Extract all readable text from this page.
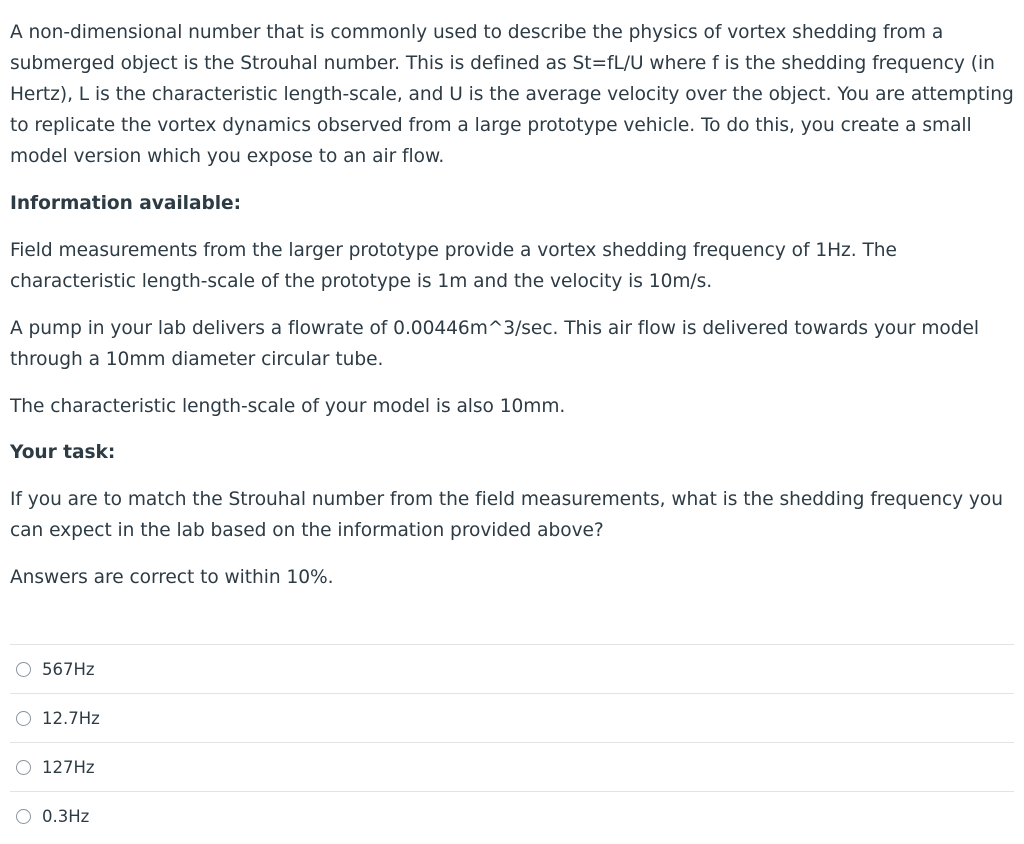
A non-dimensional number that is commonly used to describe the physics of vortex shedding from a submerged object is the Strouhal number. This is defined as St=fL/U where f is the shedding frequency (in Hertz), L is the characteristic length-scale, and U is the average velocity over the object. You are attempting to replicate the vortex dynamics observed from a large prototype vehicle. To do this, you create a small model version which you expose to an air flow.

Information available:

Field measurements from the larger prototype provide a vortex shedding frequency of 1Hz. The characteristic length-scale of the prototype is 1m and the velocity is 10m/s.

A pump in your lab delivers a flowrate of 0.00446m^3/sec. This air flow is delivered towards your model through a 10mm diameter circular tube.

The characteristic length-scale of your model is also 10mm.

Your task:

If you are to match the Strouhal number from the field measurements, what is the shedding frequency you can expect in the lab based on the information provided above?

Answers are correct to within 10%.

567Hz
12.7Hz
127Hz
0.3Hz
